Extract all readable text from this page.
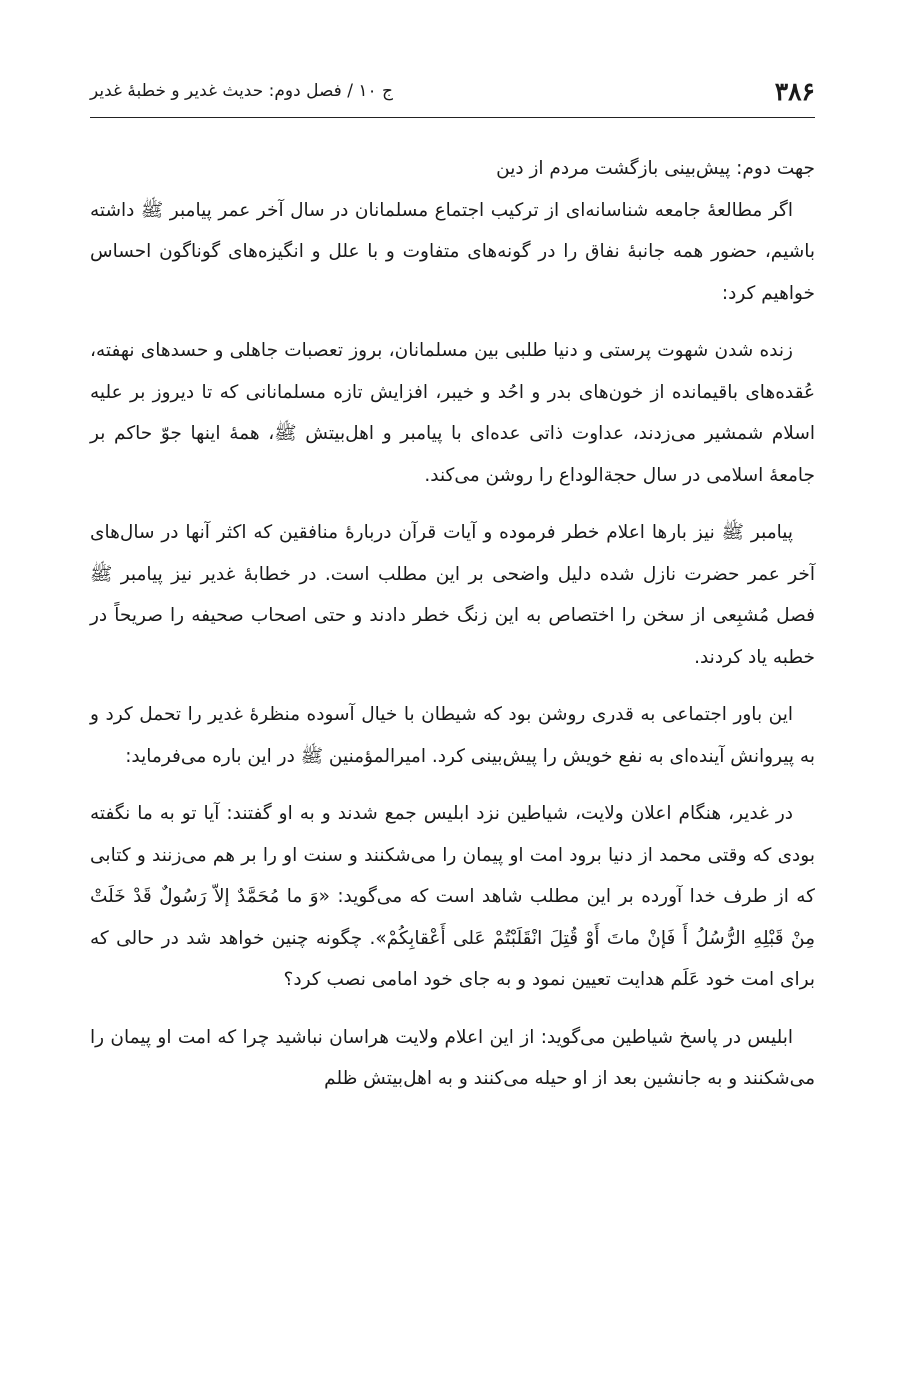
۳۸۶
ج ۱۰ / فصل دوم: حدیث غدیر و خطبهٔ غدیر

جهت دوم: پیش‌بینی بازگشت مردم از دین

اگر مطالعهٔ جامعه شناسانه‌ای از ترکیب اجتماع مسلمانان در سال آخر عمر پیامبر ﷺ داشته باشیم، حضور همه جانبهٔ نفاق را در گونه‌های متفاوت و با علل و انگیزه‌های گوناگون احساس خواهیم کرد:

زنده شدن شهوت پرستی و دنیا طلبی بین مسلمانان، بروز تعصبات جاهلی و حسدهای نهفته، عُقده‌های باقیمانده از خون‌های بدر و احُد و خیبر، افزایش تازه مسلمانانی که تا دیروز بر علیه اسلام شمشیر می‌زدند، عداوت ذاتی عده‌ای با پیامبر و اهل‌بیتش ﷺ، همهٔ اینها جوّ حاکم بر جامعهٔ اسلامی در سال حجةالوداع را روشن می‌کند.

پیامبر ﷺ نیز بارها اعلام خطر فرموده و آیات قرآن دربارهٔ منافقین که اکثر آنها در سال‌های آخر عمر حضرت نازل شده دلیل واضحی بر این مطلب است. در خطابهٔ غدیر نیز پیامبر ﷺ فصل مُشبِعی از سخن را اختصاص به این زنگ خطر دادند و حتی اصحاب صحیفه را صریحاً در خطبه یاد کردند.

این باور اجتماعی به قدری روشن بود که شیطان با خیال آسوده منظرهٔ غدیر را تحمل کرد و به پیروانش آینده‌ای به نفع خویش را پیش‌بینی کرد. امیرالمؤمنین ﷺ در این باره می‌فرماید:

در غدیر، هنگام اعلان ولایت، شیاطین نزد ابلیس جمع شدند و به او گفتند: آیا تو به ما نگفته بودی که وقتی محمد از دنیا برود امت او پیمان را می‌شکنند و سنت او را بر هم می‌زنند و کتابی که از طرف خدا آورده بر این مطلب شاهد است که می‌گوید: «وَ ما مُحَمَّدٌ إلاّ رَسُولٌ قَدْ خَلَتْ مِنْ قَبْلِهِ الرُّسُلُ أَ فَإنْ ماتَ أَوْ قُتِلَ انْقَلَبْتُمْ عَلی أَعْقابِکُمْ». چگونه چنین خواهد شد در حالی که برای امت خود عَلَم هدایت تعیین نمود و به جای خود امامی نصب کرد؟

ابلیس در پاسخ شیاطین می‌گوید: از این اعلام ولایت هراسان نباشید چرا که امت او پیمان را می‌شکنند و به جانشین بعد از او حیله می‌کنند و به اهل‌بیتش ظلم
